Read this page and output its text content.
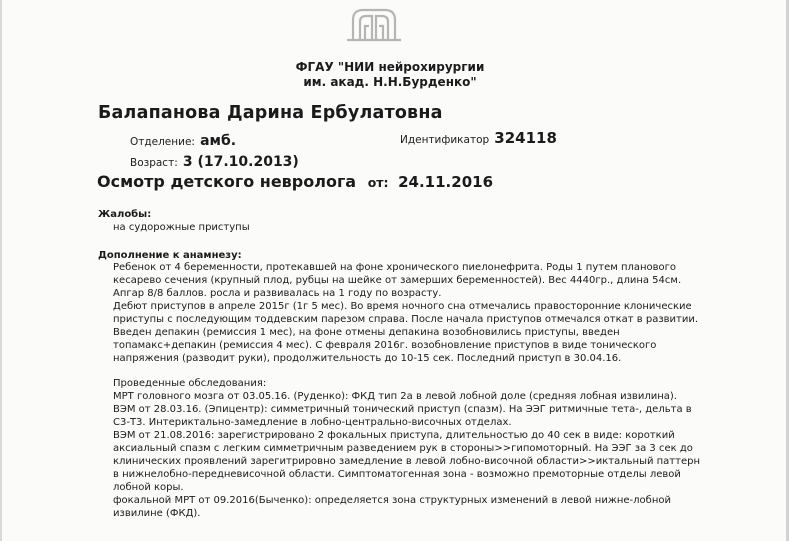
ФГАУ "НИИ нейрохирургии
им. акад. Н.Н.Бурденко"
Балапанова Дарина Ербулатовна
Отделение: амб.	Идентификатор 324118
Возраст: 3 (17.10.2013)
Осмотр детского невролога от: 24.11.2016
Жалобы:
на судорожные приступы
Дополнение к анамнезу:
Ребенок от 4 беременности, протекавшей на фоне хронического пиелонефрита. Роды 1 путем планового
кесарево сечения (крупный плод, рубцы на шейке от замерших беременностей). Вес 4440гр., длина 54см.
Апгар 8/8 баллов. росла и развивалась на 1 году по возрасту.
Дебют приступов в апреле 2015г (1г 5 мес). Во время ночного сна отмечались правосторонние клонические
приступы с последующим тоддевским парезом справа. После начала приступов отмечался откат в развитии.
Введен депакин (ремиссия 1 мес), на фоне отмены депакина возобновились приступы, введен
топамакс+депакин (ремиссия 4 мес). С февраля 2016г. возобновление приступов в виде тонического
напряжения (разводит руки), продолжительность до 10-15 сек. Последний приступ в 30.04.16.
Проведенные обследования:
МРТ головного мозга от 03.05.16. (Руденко): ФКД тип 2а в левой лобной доле (средняя лобная извилина).
ВЭМ от 28.03.16. (Эпицентр): симметричный тонический приступ (спазм). На ЭЭГ ритмичные тета-, дельта в
С3-Т3. Интериктально-замедление в лобно-центрально-височных отделах.
ВЭМ от 21.08.2016: зарегистрировано 2 фокальных приступа, длительностью до 40 сек в виде: короткий
аксиальный спазм с легким симметричным разведением рук в стороны>>гипомоторный. На ЭЭГ за 3 сек до
клинических проявлений зарегитрировно замедление в левой лобно-височной области>>иктальный паттерн
в нижнелобно-передневисочной области. Симптоматогенная зона - возможно премоторные отделы левой
лобной коры.
фокальной МРТ от 09.2016(Быченко): определяется зона структурных изменений в левой нижне-лобной
извилине (ФКД).
